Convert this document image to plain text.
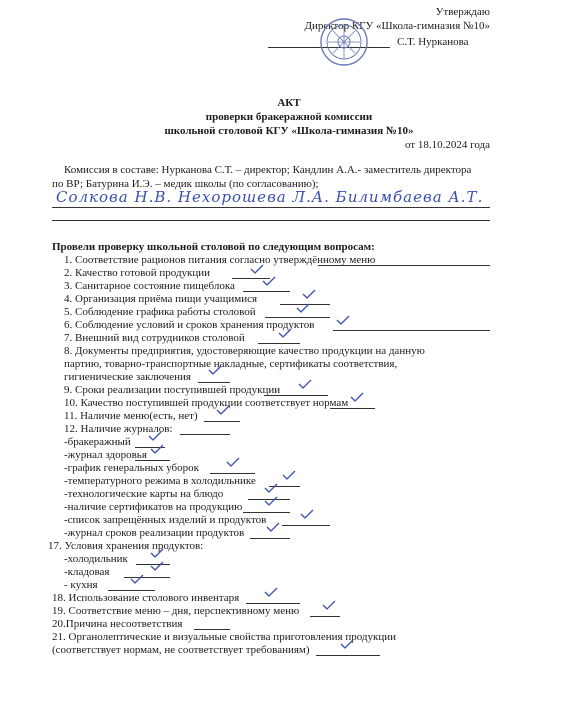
Утверждаю
Директор КГУ «Школа-гимназия №10»
С.Т. Нурканова
АКТ
проверки бракеражной комиссии
школьной столовой КГУ «Школа-гимназия №10»
от 18.10.2024 года
Комиссия в составе: Нурканова С.Т. – директор; Кандлин А.А.- заместитель директора
по ВР; Батурина И.Э. – медик школы (по согласованию);
Солкова Н.В. Нехорошева Л.А. Билимбаева А.Т.
Провели проверку школьной столовой по следующим вопросам:
1. Соответствие рационов питания согласно утверждённому меню
2. Качество готовой продукции
3. Санитарное состояние пищеблока
4. Организация приёма пищи учащимися
5. Соблюдение графика работы столовой
6. Соблюдение условий и сроков хранения продуктов
7. Внешний вид сотрудников столовой
8. Документы предприятия, удостоверяющие качество продукции на данную
партию, товарно-транспортные накладные, сертификаты соответствия,
гигиенические заключения
9. Сроки реализации поступившей продукции
10. Качество поступившей продукции соответствует нормам
11. Наличие меню(есть, нет)
12. Наличие журналов:
-бракеражный
-журнал здоровья
-график генеральных уборок
-температурного режима в холодильнике
-технологические карты на блюдо
-наличие сертификатов на продукцию
-список запрещённых изделий и продуктов
-журнал сроков реализации продуктов
17. Условия хранения продуктов:
-холодильник
-кладовая
- кухня
18. Использование столового инвентаря
19. Соответствие меню – дня, перспективному меню
20.Причина несоответствия
21. Органолептические и визуальные свойства приготовления продукции
(соответствует нормам, не соответствует требованиям)
